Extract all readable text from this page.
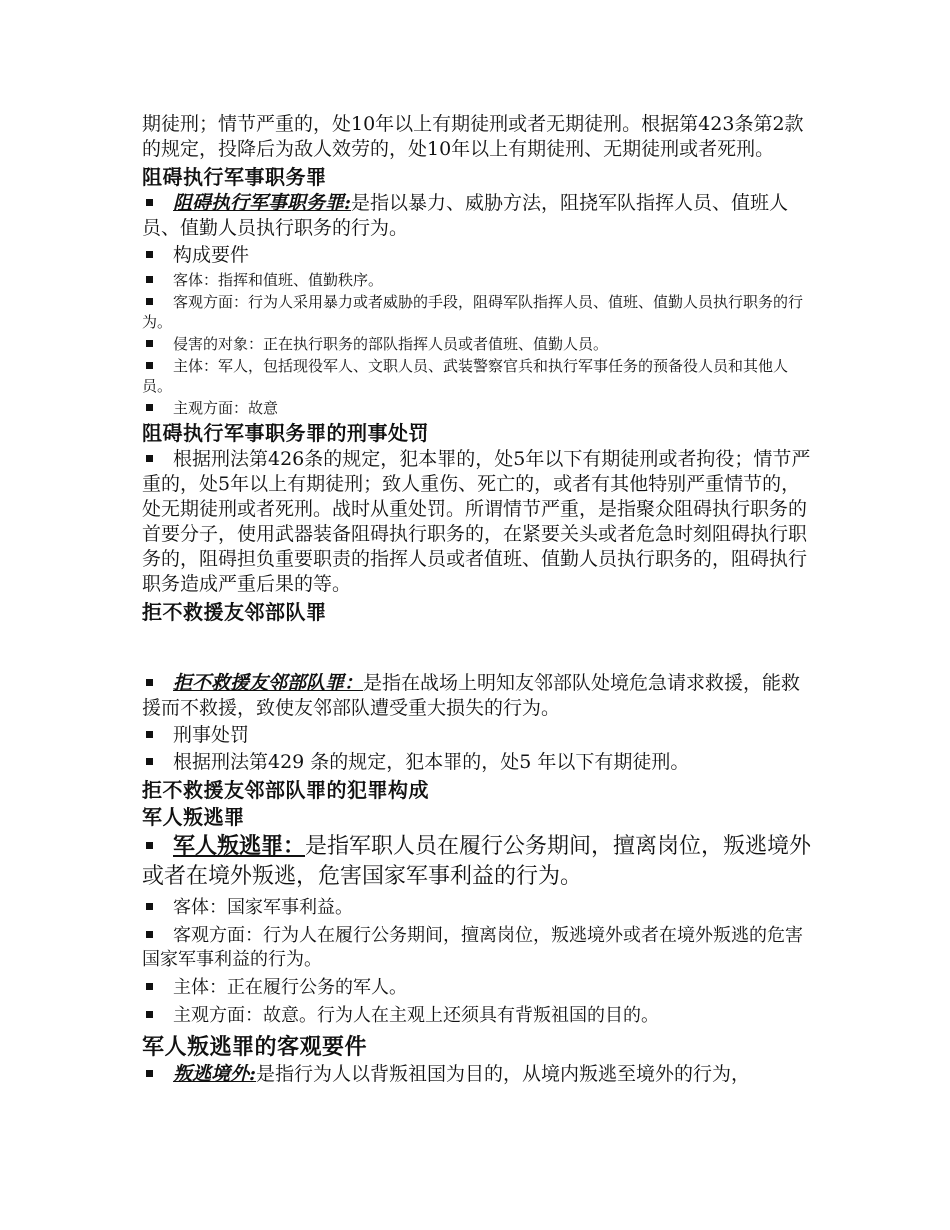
期徒刑；情节严重的，处10年以上有期徒刑或者无期徒刑。根据第423条第2款的规定，投降后为敌人效劳的，处10年以上有期徒刑、无期徒刑或者死刑。

阻碍执行军事职务罪

阻碍执行军事职务罪:是指以暴力、威胁方法，阻挠军队指挥人员、值班人员、值勤人员执行职务的行为。

构成要件

客体：指挥和值班、值勤秩序。

客观方面：行为人采用暴力或者威胁的手段，阻碍军队指挥人员、值班、值勤人员执行职务的行为。

侵害的对象：正在执行职务的部队指挥人员或者值班、值勤人员。

主体：军人，包括现役军人、文职人员、武装警察官兵和执行军事任务的预备役人员和其他人员。

主观方面：故意

阻碍执行军事职务罪的刑事处罚

根据刑法第426条的规定，犯本罪的，处5年以下有期徒刑或者拘役；情节严重的，处5年以上有期徒刑；致人重伤、死亡的，或者有其他特别严重情节的，处无期徒刑或者死刑。战时从重处罚。所谓情节严重，是指聚众阻碍执行职务的首要分子，使用武器装备阻碍执行职务的，在紧要关头或者危急时刻阻碍执行职务的，阻碍担负重要职责的指挥人员或者值班、值勤人员执行职务的，阻碍执行职务造成严重后果的等。

拒不救援友邻部队罪

拒不救援友邻部队罪：是指在战场上明知友邻部队处境危急请求救援，能救援而不救援，致使友邻部队遭受重大损失的行为。

刑事处罚

根据刑法第429 条的规定，犯本罪的，处5 年以下有期徒刑。

拒不救援友邻部队罪的犯罪构成

军人叛逃罪

军人叛逃罪：是指军职人员在履行公务期间，擅离岗位，叛逃境外或者在境外叛逃，危害国家军事利益的行为。

客体：国家军事利益。

客观方面：行为人在履行公务期间，擅离岗位，叛逃境外或者在境外叛逃的危害国家军事利益的行为。

主体：正在履行公务的军人。

主观方面：故意。行为人在主观上还须具有背叛祖国的目的。

军人叛逃罪的客观要件

叛逃境外:是指行为人以背叛祖国为目的，从境内叛逃至境外的行为，
